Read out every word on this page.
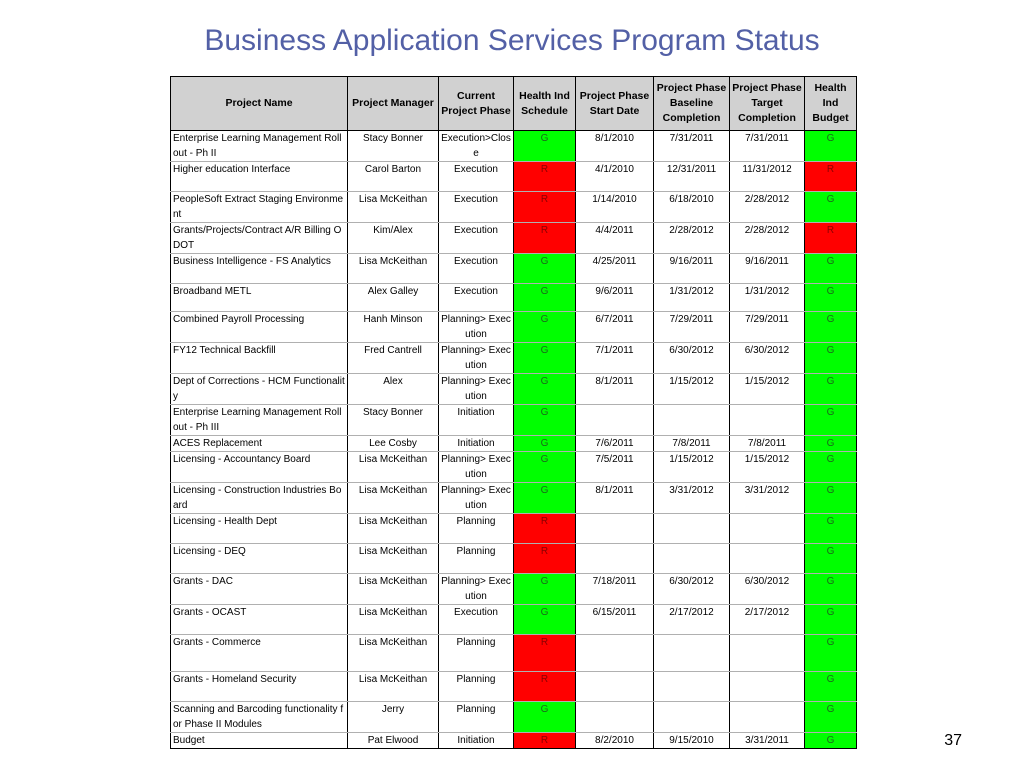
Business Application Services Program Status
Project Name	Project Manager	Current Project Phase	Health Ind Schedule	Project Phase Start Date	Project Phase Baseline Completion	Project Phase Target Completion	Health Ind Budget
Enterprise Learning Management Rollout - Ph II	Stacy Bonner	Execution>Close	G	8/1/2010	7/31/2011	7/31/2011	G
Higher education Interface	Carol Barton	Execution	R	4/1/2010	12/31/2011	11/31/2012	R
PeopleSoft Extract Staging Environment	Lisa McKeithan	Execution	R	1/14/2010	6/18/2010	2/28/2012	G
Grants/Projects/Contract A/R Billing ODOT	Kim/Alex	Execution	R	4/4/2011	2/28/2012	2/28/2012	R
Business Intelligence - FS Analytics	Lisa McKeithan	Execution	G	4/25/2011	9/16/2011	9/16/2011	G
Broadband METL	Alex Galley	Execution	G	9/6/2011	1/31/2012	1/31/2012	G
Combined Payroll Processing	Hanh Minson	Planning> Execution	G	6/7/2011	7/29/2011	7/29/2011	G
FY12 Technical Backfill	Fred Cantrell	Planning> Execution	G	7/1/2011	6/30/2012	6/30/2012	G
Dept of Corrections - HCM Functionality	Alex	Planning> Execution	G	8/1/2011	1/15/2012	1/15/2012	G
Enterprise Learning Management Rollout - Ph III	Stacy Bonner	Initiation	G				G
ACES Replacement	Lee Cosby	Initiation	G	7/6/2011	7/8/2011	7/8/2011	G
Licensing - Accountancy Board	Lisa McKeithan	Planning> Execution	G	7/5/2011	1/15/2012	1/15/2012	G
Licensing - Construction Industries Board	Lisa McKeithan	Planning> Execution	G	8/1/2011	3/31/2012	3/31/2012	G
Licensing - Health Dept	Lisa McKeithan	Planning	R				G
Licensing - DEQ	Lisa McKeithan	Planning	R				G
Grants - DAC	Lisa McKeithan	Planning> Execution	G	7/18/2011	6/30/2012	6/30/2012	G
Grants - OCAST	Lisa McKeithan	Execution	G	6/15/2011	2/17/2012	2/17/2012	G
Grants - Commerce	Lisa McKeithan	Planning	R				G
Grants - Homeland Security	Lisa McKeithan	Planning	R				G
Scanning and Barcoding functionality for Phase II Modules	Jerry	Planning	G				G
Budget	Pat Elwood	Initiation	R	8/2/2010	9/15/2010	3/31/2011	G	37
